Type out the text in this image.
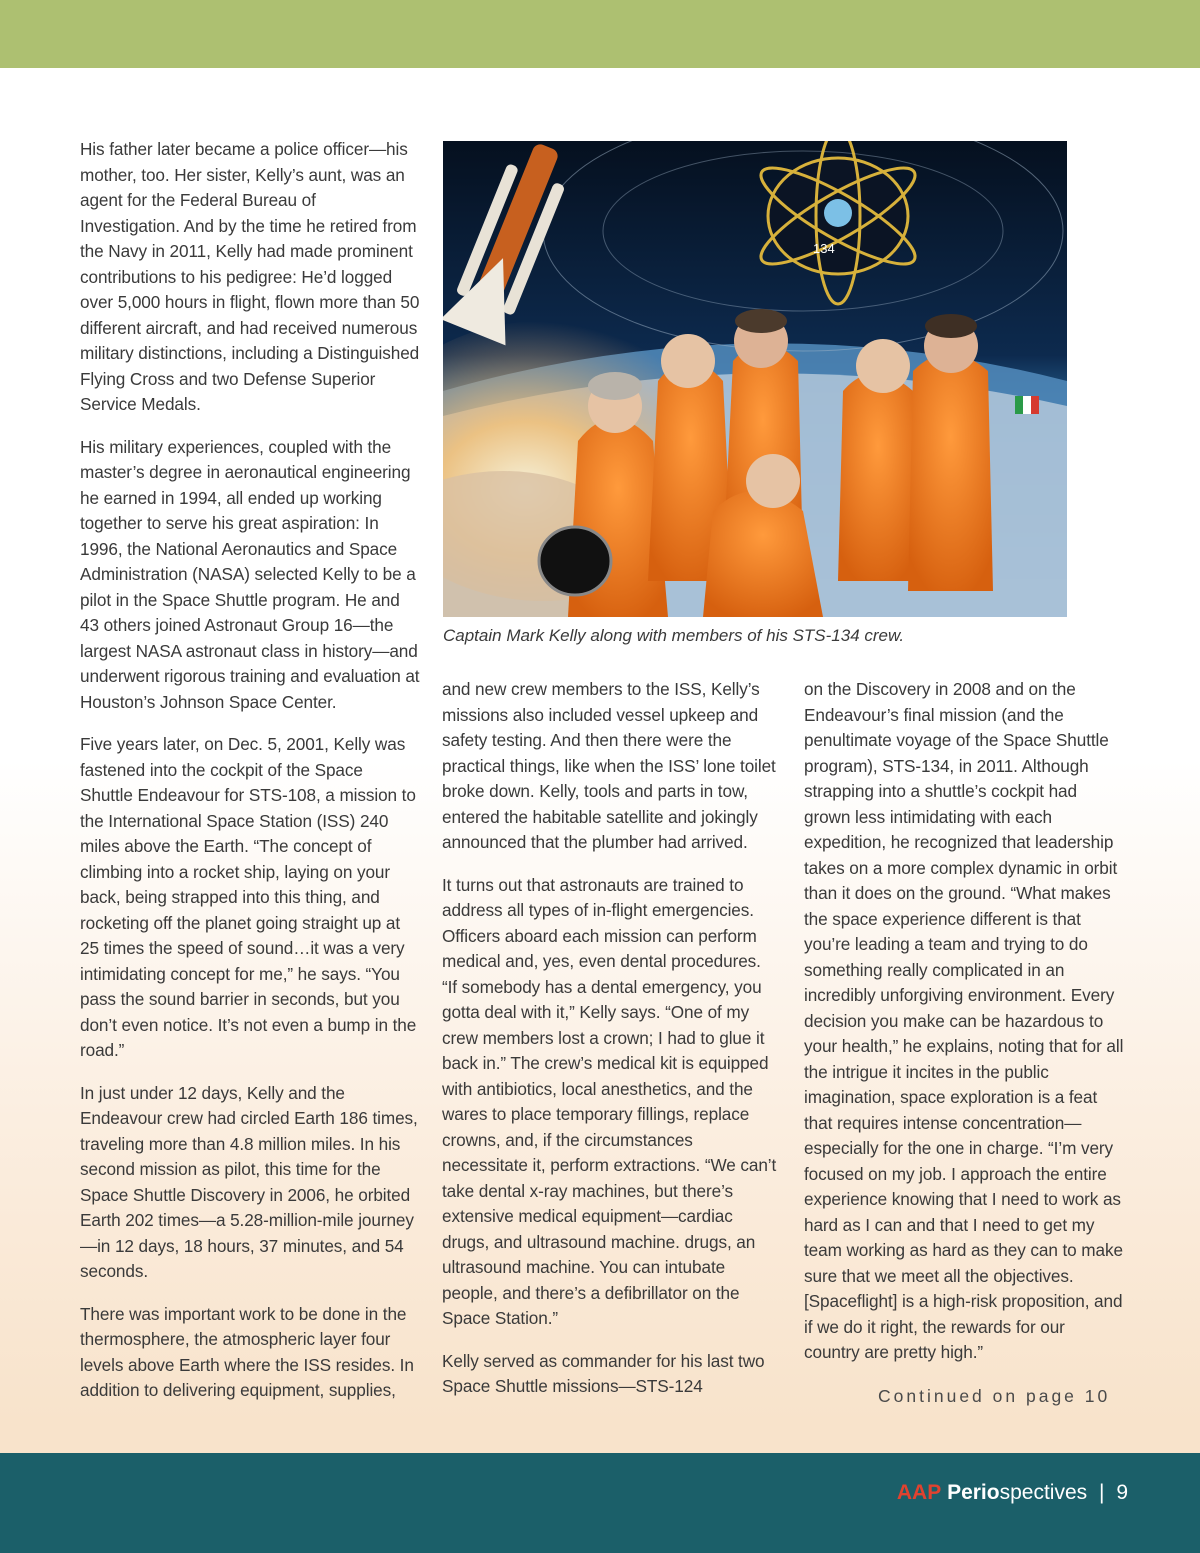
His father later became a police officer—his mother, too. Her sister, Kelly’s aunt, was an agent for the Federal Bureau of Investigation. And by the time he retired from the Navy in 2011, Kelly had made prominent contributions to his pedigree: He’d logged over 5,000 hours in flight, flown more than 50 different aircraft, and had received numerous military distinctions, including a Distinguished Flying Cross and two Defense Superior Service Medals.

His military experiences, coupled with the master’s degree in aeronautical engineering he earned in 1994, all ended up working together to serve his great aspiration: In 1996, the National Aeronautics and Space Administration (NASA) selected Kelly to be a pilot in the Space Shuttle program. He and 43 others joined Astronaut Group 16—the largest NASA astronaut class in history—and underwent rigorous training and evaluation at Houston’s Johnson Space Center.

Five years later, on Dec. 5, 2001, Kelly was fastened into the cockpit of the Space Shuttle Endeavour for STS-108, a mission to the International Space Station (ISS) 240 miles above the Earth. “The concept of climbing into a rocket ship, laying on your back, being strapped into this thing, and rocketing off the planet going straight up at 25 times the speed of sound…it was a very intimidating concept for me,” he says. “You pass the sound barrier in seconds, but you don’t even notice. It’s not even a bump in the road.”

In just under 12 days, Kelly and the Endeavour crew had circled Earth 186 times, traveling more than 4.8 million miles. In his second mission as pilot, this time for the Space Shuttle Discovery in 2006, he orbited Earth 202 times—a 5.28-million-mile journey—in 12 days, 18 hours, 37 minutes, and 54 seconds.

There was important work to be done in the thermosphere, the atmospheric layer four levels above Earth where the ISS resides. In addition to delivering equipment, supplies,

134
Captain Mark Kelly along with members of his STS-134 crew.

and new crew members to the ISS, Kelly’s missions also included vessel upkeep and safety testing. And then there were the practical things, like when the ISS’ lone toilet broke down. Kelly, tools and parts in tow, entered the habitable satellite and jokingly announced that the plumber had arrived.

It turns out that astronauts are trained to address all types of in-flight emergencies. Officers aboard each mission can perform medical and, yes, even dental procedures. “If somebody has a dental emergency, you gotta deal with it,” Kelly says. “One of my crew members lost a crown; I had to glue it back in.” The crew’s medical kit is equipped with antibiotics, local anesthetics, and the wares to place temporary fillings, replace crowns, and, if the circumstances necessitate it, perform extractions. “We can’t take dental x-ray machines, but there’s extensive medical equipment—cardiac drugs, and ultrasound machine. drugs, an ultrasound machine. You can intubate people, and there’s a defibrillator on the Space Station.”

Kelly served as commander for his last two Space Shuttle missions—STS-124

on the Discovery in 2008 and on the Endeavour’s final mission (and the penultimate voyage of the Space Shuttle program), STS-134, in 2011. Although strapping into a shuttle’s cockpit had grown less intimidating with each expedition, he recognized that leadership takes on a more complex dynamic in orbit than it does on the ground. “What makes the space experience different is that you’re leading a team and trying to do something really complicated in an incredibly unforgiving environment. Every decision you make can be hazardous to your health,” he explains, noting that for all the intrigue it incites in the public imagination, space exploration is a feat that requires intense concentration—especially for the one in charge. “I’m very focused on my job. I approach the entire experience knowing that I need to work as hard as I can and that I need to get my team working as hard as they can to make sure that we meet all the objectives. [Spaceflight] is a high-risk proposition, and if we do it right, the rewards for our country are pretty high.”

Continued on page 10
AAP Periospectives | 9
